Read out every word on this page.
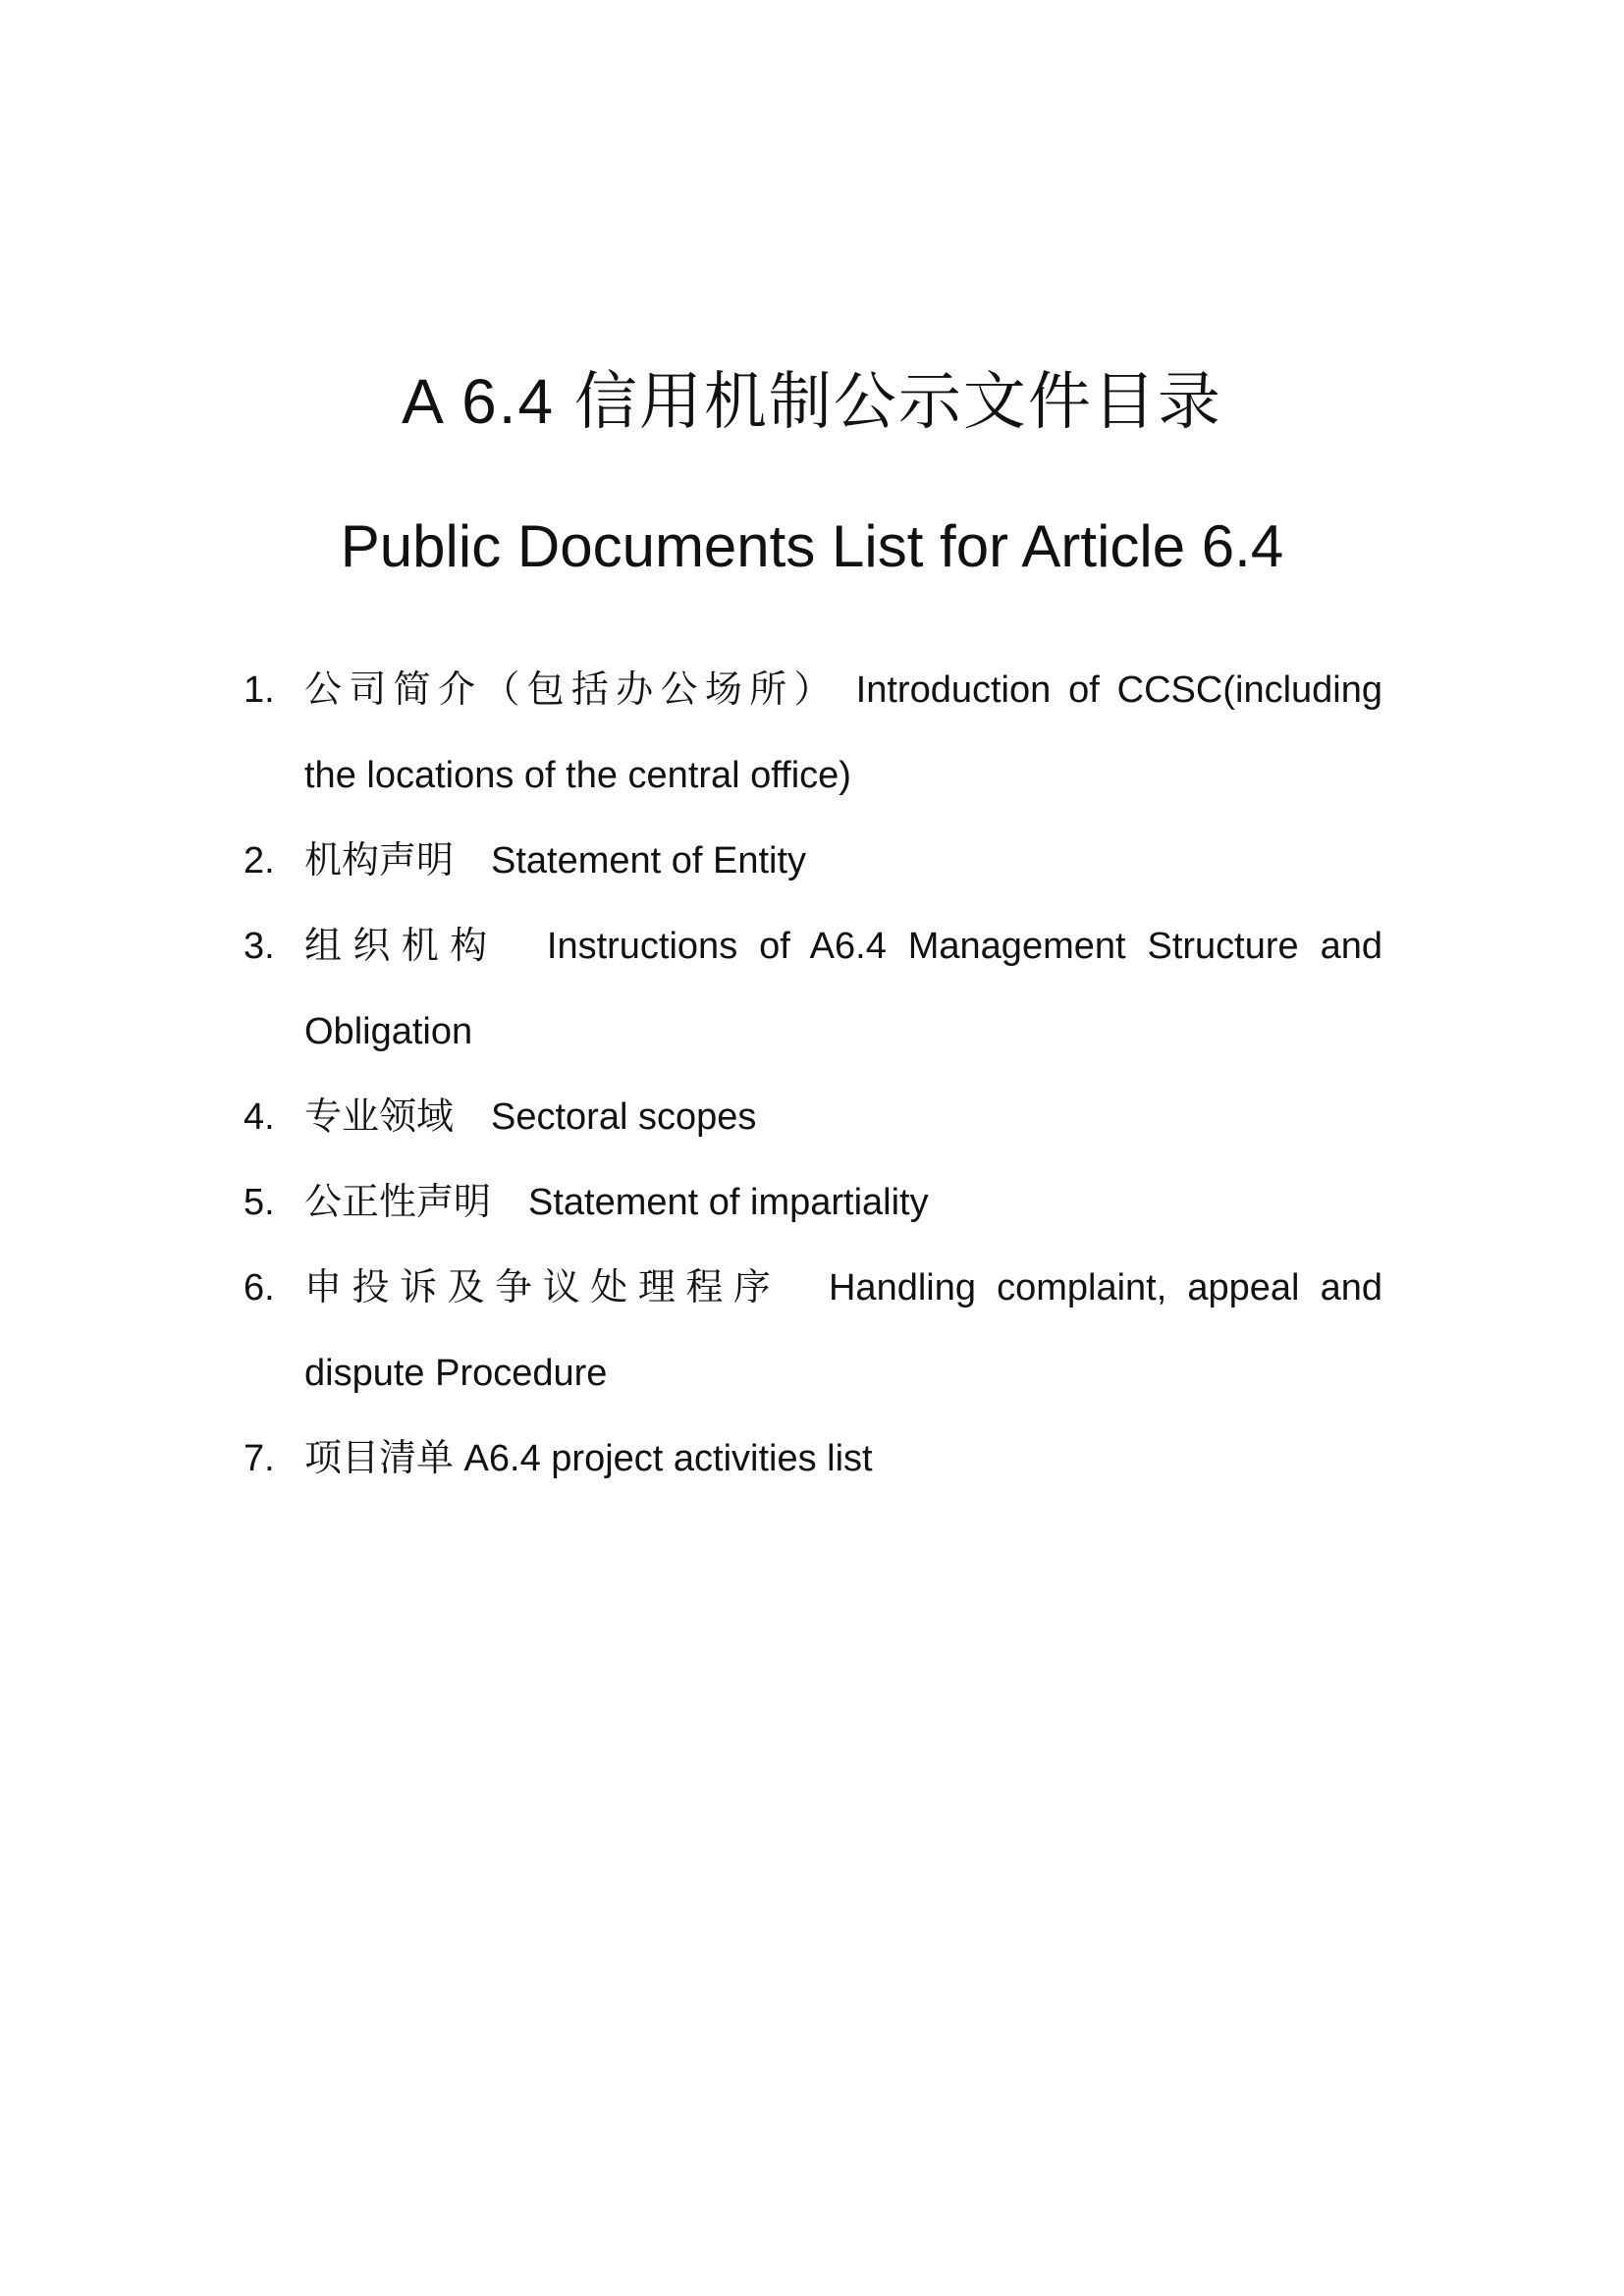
A 6.4 信用机制公示文件目录
Public Documents List for Article 6.4
1. 公司简介（包括办公场所） Introduction of CCSC(including
the locations of the central office)
2. 机构声明　Statement of Entity
3. 组织机构　Instructions of A6.4 Management Structure and
Obligation
4. 专业领域　Sectoral scopes
5. 公正性声明　Statement of impartiality
6. 申投诉及争议处理程序　Handling complaint, appeal and
dispute Procedure
7. 项目清单 A6.4 project activities list
